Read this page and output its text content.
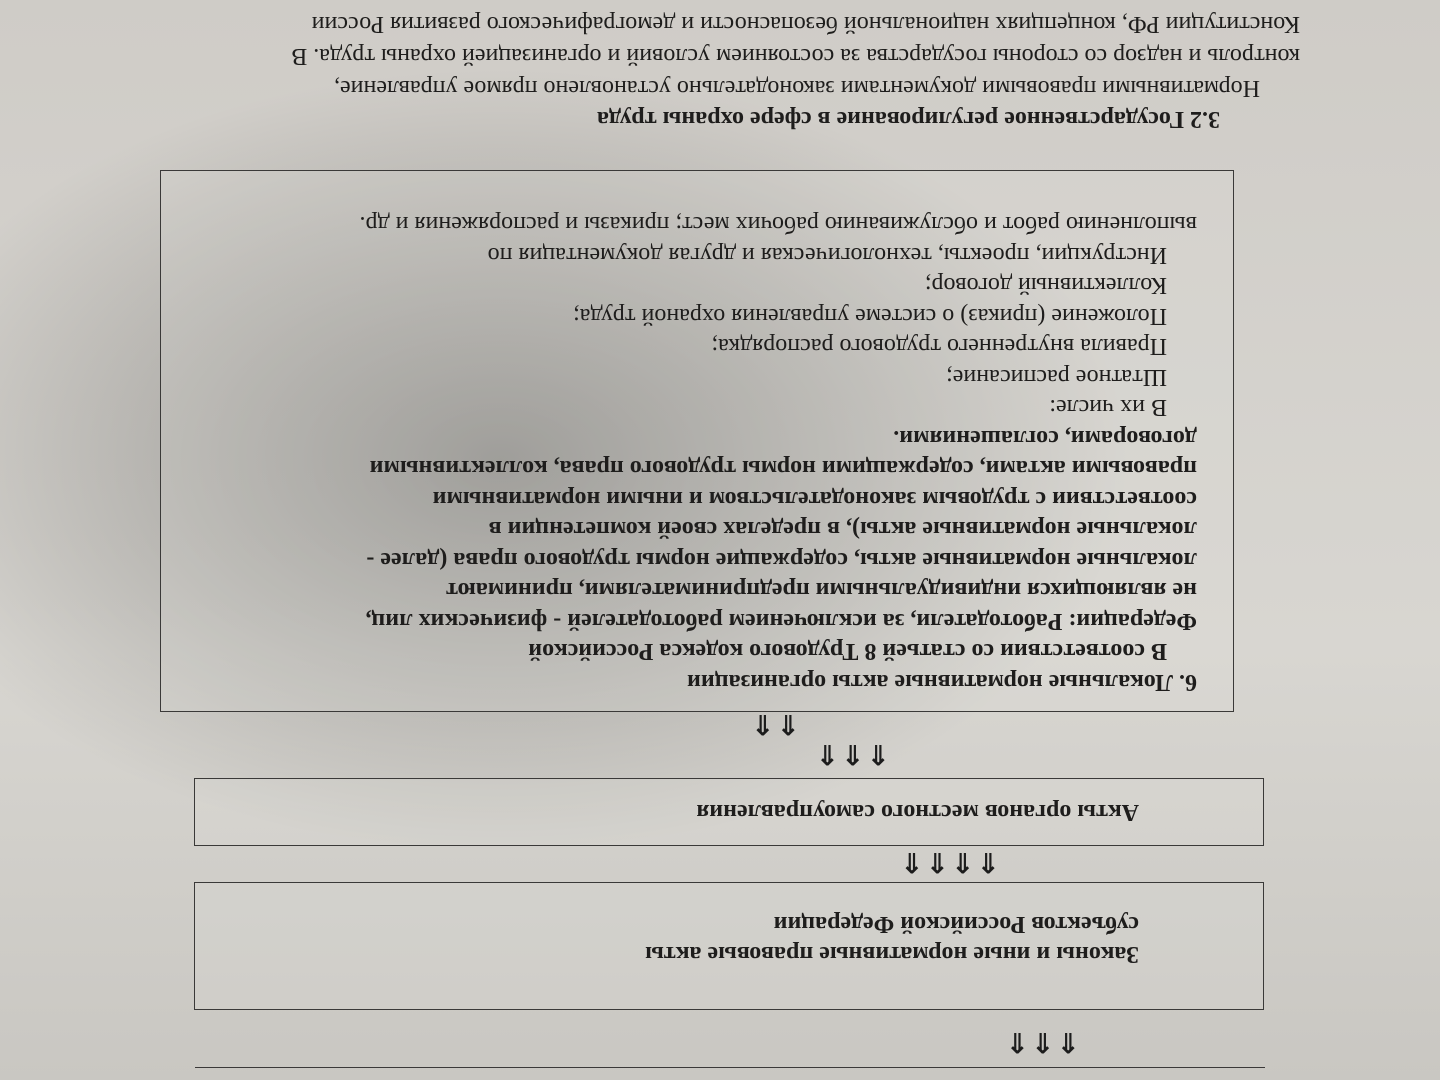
⇑
⇑
⇑

Законы и иные нормативные правовые акты

субъектов Российской Федерации

⇑
⇑
⇑
⇑

Акты органов местного самоуправления

⇑
⇑
⇑
⇑
⇑

6. Локальные нормативные акты организации

В соответствии со статьей 8 Трудового кодекса Российской

Федерации: Работодатели, за исключением работодателей - физических лиц,

не являющихся индивидуальными предпринимателями, принимают

локальные нормативные акты, содержащие нормы трудового права (далее -

локальные нормативные акты), в пределах своей компетенции в

соответствии с трудовым законодательством и иными нормативными

правовыми актами, содержащими нормы трудового права, коллективными

договорами, соглашениями.

В их числе:

Штатное расписание;

Правила внутреннего трудового распорядка;

Положение (приказ) о системе управления охраной труда;

Коллективный договор;

Инструкции, проекты, технологическая и другая документация по

выполнению работ и обслуживанию рабочих мест; приказы и распоряжения и др.

3.2 Государственное регулирование в сфере охраны труда
Нормативными правовыми документами законодательно установлено прямое управление,
контроль и надзор со стороны государства за состоянием условий и организацией охраны труда. В
Конституции РФ, концепциях национальной безопасности и демографического развития России
